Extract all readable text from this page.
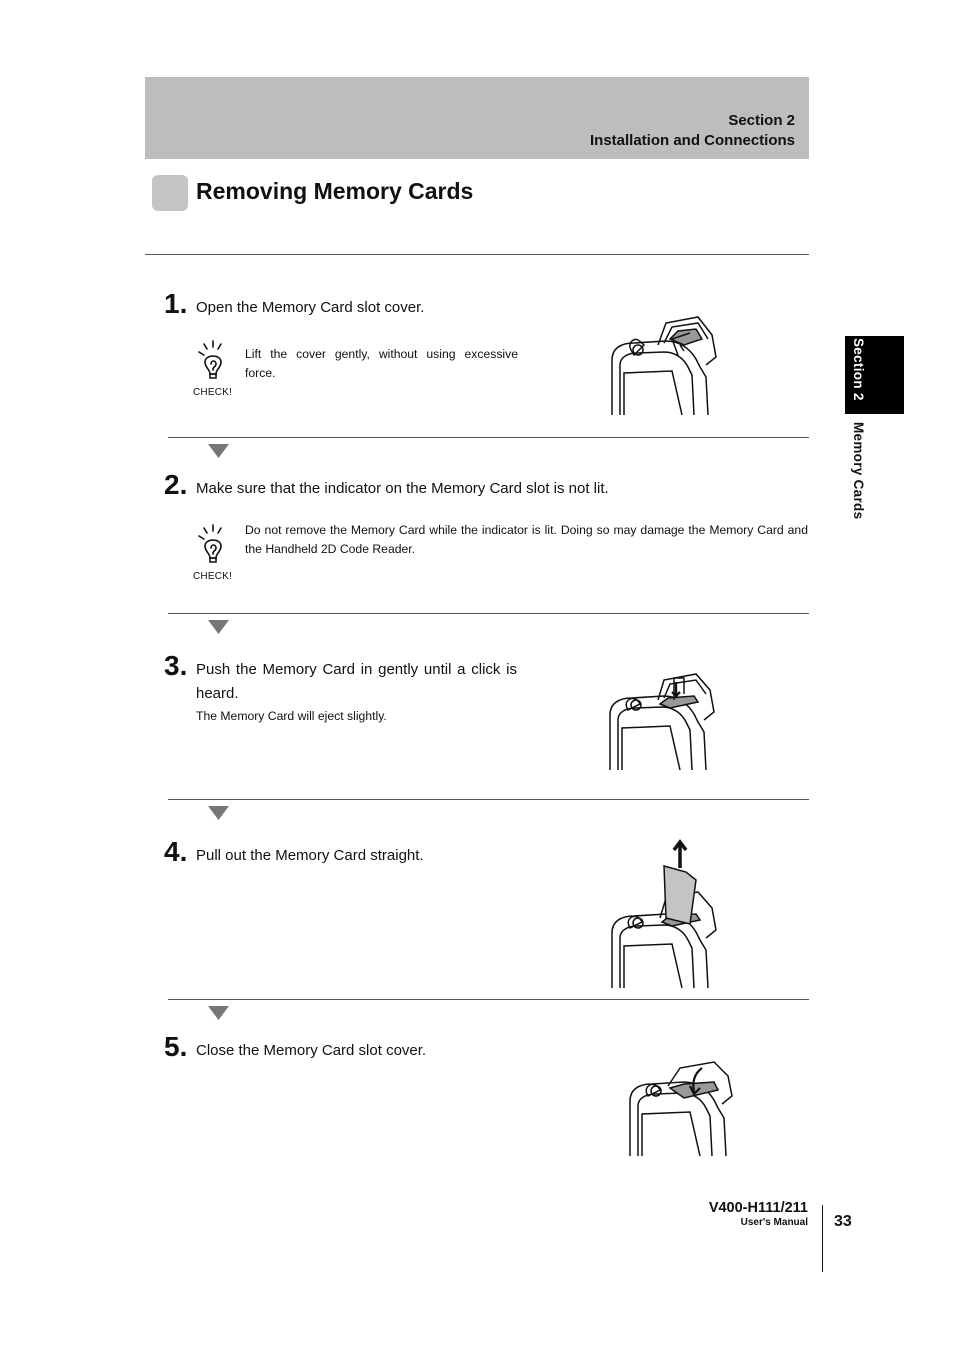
Section 2
Installation and Connections
Removing Memory Cards
Section 2
Memory Cards
1. Open the Memory Card slot cover.
CHECK!
Lift the cover gently, without using excessive force.
2. Make sure that the indicator on the Memory Card slot is not lit.
CHECK!
Do not remove the Memory Card while the indicator is lit. Doing so may damage the Memory Card and the Handheld 2D Code Reader.
3. Push the Memory Card in gently until a click is heard.
The Memory Card will eject slightly.
4. Pull out the Memory Card straight.
5. Close the Memory Card slot cover.
V400-H111/211
User's Manual 33
